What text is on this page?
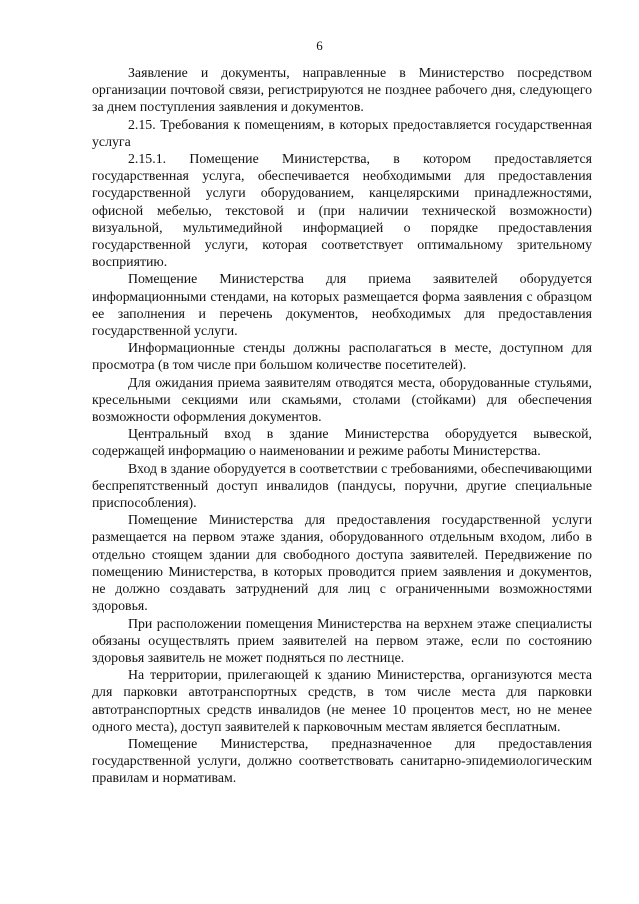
6

Заявление и документы, направленные в Министерство посредством организации почтовой связи, регистрируются не позднее рабочего дня, следующего за днем поступления заявления и документов.

2.15. Требования к помещениям, в которых предоставляется государственная услуга

2.15.1. Помещение Министерства, в котором предоставляется государственная услуга, обеспечивается необходимыми для предоставления государственной услуги оборудованием, канцелярскими принадлежностями, офисной мебелью, текстовой и (при наличии технической возможности) визуальной, мультимедийной информацией о порядке предоставления государственной услуги, которая соответствует оптимальному зрительному восприятию.

Помещение Министерства для приема заявителей оборудуется информационными стендами, на которых размещается форма заявления с образцом ее заполнения и перечень документов, необходимых для предоставления государственной услуги.

Информационные стенды должны располагаться в месте, доступном для просмотра (в том числе при большом количестве посетителей).

Для ожидания приема заявителям отводятся места, оборудованные стульями, кресельными секциями или скамьями, столами (стойками) для обеспечения возможности оформления документов.

Центральный вход в здание Министерства оборудуется вывеской, содержащей информацию о наименовании и режиме работы Министерства.

Вход в здание оборудуется в соответствии с требованиями, обеспечивающими беспрепятственный доступ инвалидов (пандусы, поручни, другие специальные приспособления).

Помещение Министерства для предоставления государственной услуги размещается на первом этаже здания, оборудованного отдельным входом, либо в отдельно стоящем здании для свободного доступа заявителей. Передвижение по помещению Министерства, в которых проводится прием заявления и документов, не должно создавать затруднений для лиц с ограниченными возможностями здоровья.

При расположении помещения Министерства на верхнем этаже специалисты обязаны осуществлять прием заявителей на первом этаже, если по состоянию здоровья заявитель не может подняться по лестнице.

На территории, прилегающей к зданию Министерства, организуются места для парковки автотранспортных средств, в том числе места для парковки автотранспортных средств инвалидов (не менее 10 процентов мест, но не менее одного места), доступ заявителей к парковочным местам является бесплатным.

Помещение Министерства, предназначенное для предоставления государственной услуги, должно соответствовать санитарно-эпидемиологическим правилам и нормативам.
